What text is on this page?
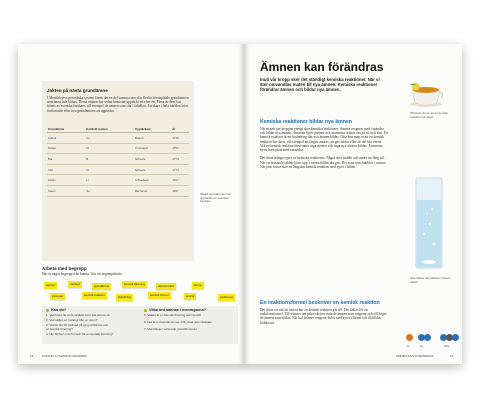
Jakten på nästa grundämne
I Mendelejevs periodiska system fanns det en del tomma rutor där Berlin förutspådde grundämnen som ännu inte hittats. Dessa ämnen har sedan kemister upptäckt en efter en. Flera av dem har hittats av svenska forskare, till exempel de ämnen som står i tabellen. Forskare i hela världen letar fortfarande efter nya grundämnen att upptäcka.
Grundämne	Kemiskt tecken	Upptäckare	År
Kobolt	Co	Brandt	1735
Nickel	Ni	Cronstedt	1751
Bor	B	Scheele	1774
Klor	Cl	Scheele	1774
Litium	Li	Arfwedson	1817
Selen	Se	Berzelius	1817
Några grundämnen har upptäckts av svenska forskare.
Arbeta med begrepp
Här är några begrepp från kemin. Gör en begreppskarta.
atomer	molekyl	grundämne	kemisk förening	atommodell	ämne
protoner	kemisk reaktion	blandning	kemisk formel	energi	elektroner
Kan du?
1. Vad heter de små partiklar som alla ämnen är
2. Vad skiljer en molekyl från en atom?
3. Vad är det för skillnad på ett grundämne och
en kemisk förening?
4. Hur skriver man formeln för en kemisk förening?
Vilka ord saknas i meningarna?
5. Vatten är en kemisk förening som består
6. Det är en kemisk formel: CO₂ visar att molekylen
7. Mendelejev sorterade grundämnena i
16	KAPITEL 1 | KEMINS GRUNDER
Ämnen kan förändras
Inuti vår kropp sker det ständigt kemiska reaktioner. När vi äter omvandlas maten till nya ämnen. Kemiska reaktioner förändrar ämnen och bildar nya ämnen.
Kemiska reaktioner bildar nya ämnen
När maten ger kroppen energi sker kemiska reaktioner. Ämnen reagerar med varandra och bildar nya ämnen. Ämnena byter partner och atomerna ordnas om på ett nytt sätt. En kemisk reaktion är en förändring där nya ämnen bildas. Ofta kan man se att en kemisk reaktion har skett, till exempel att färgen ändras, att gas bildas eller att det blir varmt. Vid en kemisk reaktion försvinner inga atomer och inga nya atomer bildas. Atomerna byter bara plats med varandra.

Det finns många typer av kemiska reaktioner. Några sker snabbt och andra tar lång tid. När en brusande tablett löses upp i vatten bildas det gas. Det syns som bubblor i vattnet. När järn rostar sker en långsam kemisk reaktion med syret i luften.
En reaktionsformel beskriver en kemisk reaktion
Det finns ett sätt att skriva hur en kemisk reaktion går till. Det kallas för en reaktionsformel. Till vänster om pilen skriver man de ämnen som reagerar och till höger de ämnen som bildas. När kol brinner reagerar kolet med syret i luften och då bildas koldioxid.
Ofta kan du se att en kemisk reaktion har skett.
Gas bildas när tabletten löses i vatten.
C	O₂	CO₂
ÄMNEN KAN FÖRÄNDRAS	17
